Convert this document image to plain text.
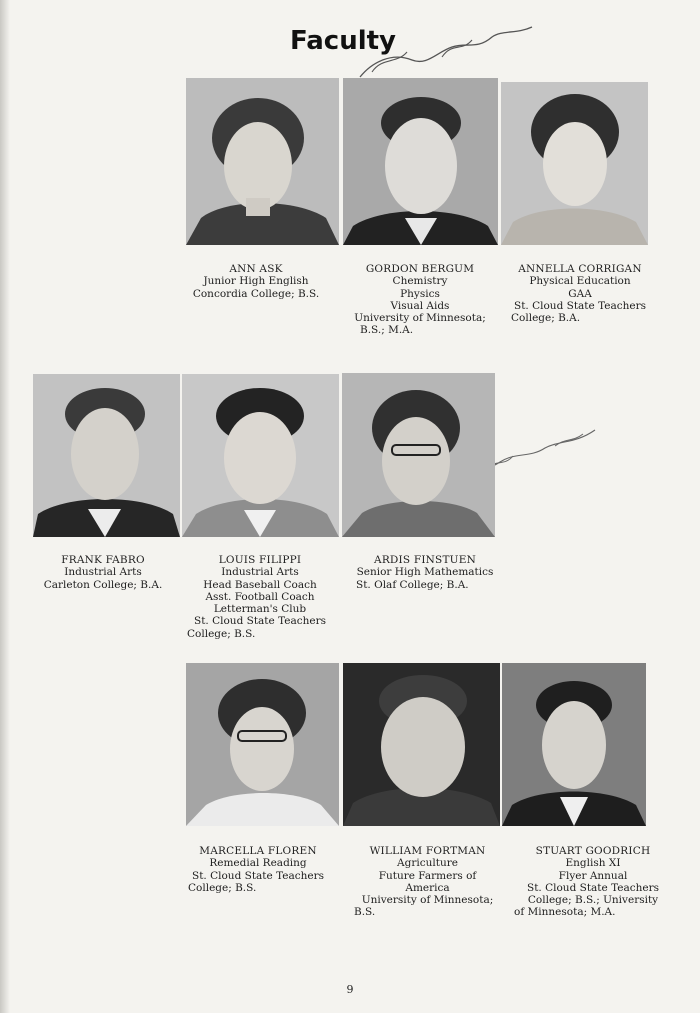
Faculty
ANN ASK
Junior High English
Concordia College; B.S.
GORDON BERGUM
Chemistry
Physics
Visual Aids
University of Minnesota;
B.S.; M.A.
ANNELLA CORRIGAN
Physical Education
GAA
St. Cloud State Teachers
College; B.A.
FRANK FABRO
Industrial Arts
Carleton College; B.A.
LOUIS FILIPPI
Industrial Arts
Head Baseball Coach
Asst. Football Coach
Letterman's Club
St. Cloud State Teachers
College; B.S.
ARDIS FINSTUEN
Senior High Mathematics
St. Olaf College; B.A.
MARCELLA FLOREN
Remedial Reading
St. Cloud State Teachers
College; B.S.
WILLIAM FORTMAN
Agriculture
Future Farmers of
America
University of Minnesota;
B.S.
STUART GOODRICH
English XI
Flyer Annual
St. Cloud State Teachers
College; B.S.; University
of Minnesota; M.A.
9
